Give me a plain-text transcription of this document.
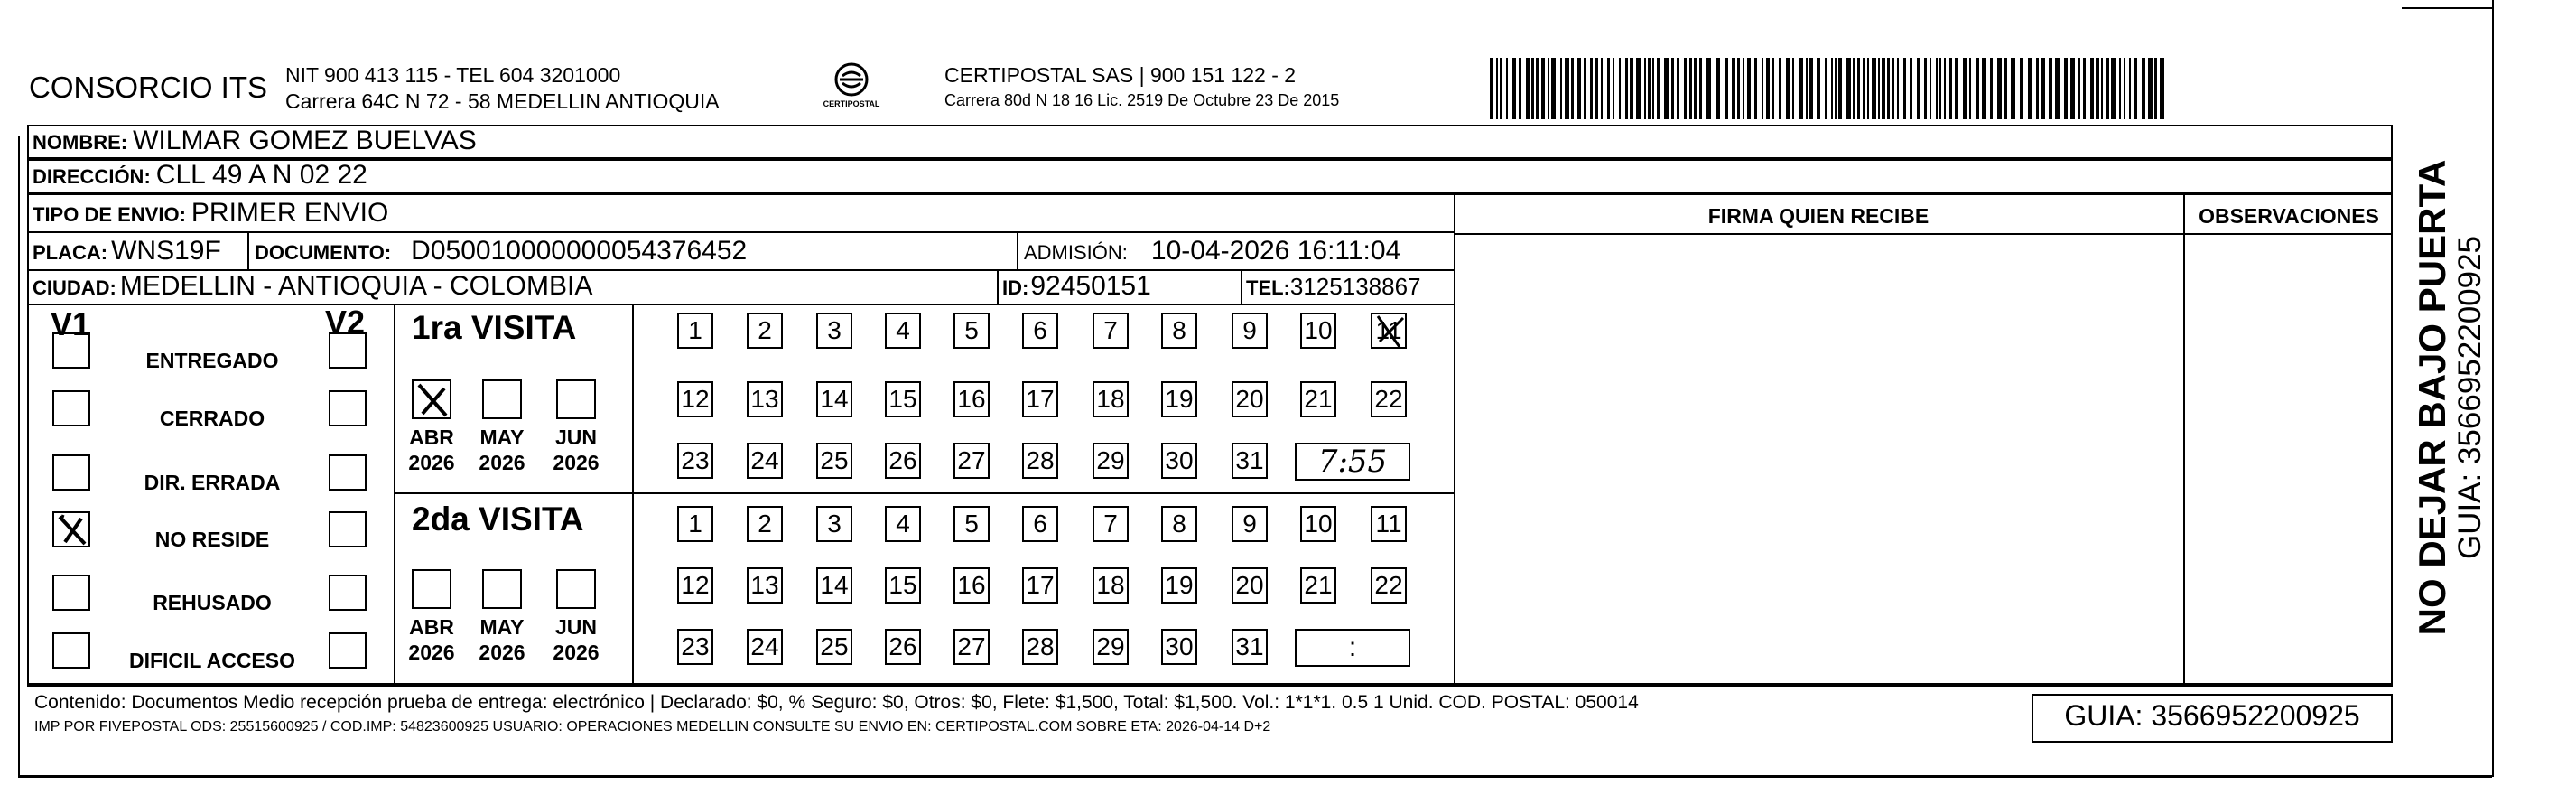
CONSORCIO ITS NIT 900 413 115 - TEL 604 3201000
Carrera 64C N 72 - 58 MEDELLIN ANTIOQUIA	CERTIPOSTAL
CERTIPOSTAL SAS | 900 151 122 - 2
Carrera 80d N 18 16 Lic. 2519 De Octubre 23 De 2015
NOMBRE: WILMAR GOMEZ BUELVAS
DIRECCIÓN: CLL 49 A N 02 22
TIPO DE ENVIO: PRIMER ENVIO	FIRMA QUIEN RECIBE	OBSERVACIONES
PLACA: WNS19F DOCUMENTO: D050010000000054376452	ADMISIÓN: 10-04-2026 16:11:04
CIUDAD: MEDELLIN - ANTIOQUIA - COLOMBIA	ID: 92450151	TEL: 3125138867
V1	V2
ENTREGADO
CERRADO
DIR. ERRADA
NO RESIDE
REHUSADO
DIFICIL ACCESO
1ra VISITA
2da VISITA
ABR
2026
MAY
2026
JUN
2026
ABR
2026
MAY
2026
JUN
2026
1 2 3 4 5 6 7 8 9 10 11
12 13 14 15 16 17 18 19 20 21 22
23 24 25 26 27 28 29 30 31	7:55
1 2 3 4 5 6 7 8 9 10 11
12 13 14 15 16 17 18 19 20 21 22
23 24 25 26 27 28 29 30 31	:
Contenido: Documentos Medio recepción prueba de entrega: electrónico | Declarado: $0, % Seguro: $0, Otros: $0, Flete: $1,500, Total: $1,500. Vol.: 1*1*1. 0.5 1 Unid. COD. POSTAL: 050014
IMP POR FIVEPOSTAL ODS: 25515600925 / COD.IMP: 54823600925 USUARIO: OPERACIONES MEDELLIN CONSULTE SU ENVIO EN: CERTIPOSTAL.COM SOBRE ETA: 2026-04-14 D+2	GUIA: 3566952200925
NO DEJAR BAJO PUERTA GUIA: 3566952200925
